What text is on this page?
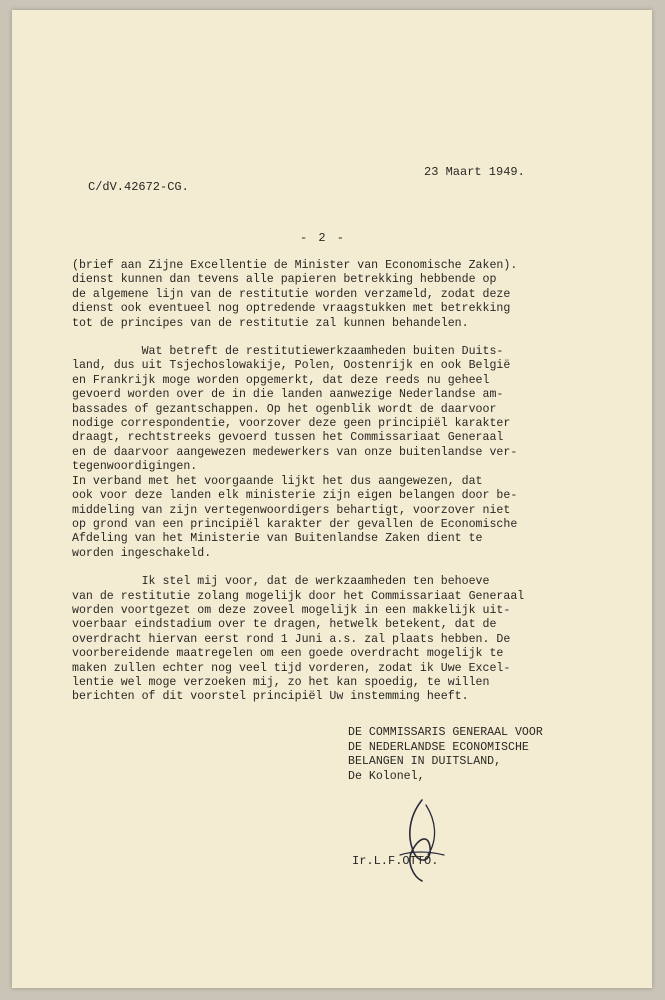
23 Maart 1949.
C/dV.42672-CG.
- 2 -
(brief aan Zijne Excellentie de Minister van Economische Zaken).
dienst kunnen dan tevens alle papieren betrekking hebbende op
de algemene lijn van de restitutie worden verzameld, zodat deze
dienst ook eventueel nog optredende vraagstukken met betrekking
tot de principes van de restitutie zal kunnen behandelen.
Wat betreft de restitutiewerkzaamheden buiten Duits-
land, dus uit Tsjechoslowakije, Polen, Oostenrijk en ook België
en Frankrijk moge worden opgemerkt, dat deze reeds nu geheel
gevoerd worden over de in die landen aanwezige Nederlandse am-
bassades of gezantschappen. Op het ogenblik wordt de daarvoor
nodige correspondentie, voorzover deze geen principiël karakter
draagt, rechtstreeks gevoerd tussen het Commissariaat Generaal
en de daarvoor aangewezen medewerkers van onze buitenlandse ver-
tegenwoordigingen.
In verband met het voorgaande lijkt het dus aangewezen, dat
ook voor deze landen elk ministerie zijn eigen belangen door be-
middeling van zijn vertegenwoordigers behartigt, voorzover niet
op grond van een principiël karakter der gevallen de Economische
Afdeling van het Ministerie van Buitenlandse Zaken dient te
worden ingeschakeld.
Ik stel mij voor, dat de werkzaamheden ten behoeve
van de restitutie zolang mogelijk door het Commissariaat Generaal
worden voortgezet om deze zoveel mogelijk in een makkelijk uit-
voerbaar eindstadium over te dragen, hetwelk betekent, dat de
overdracht hiervan eerst rond 1 Juni a.s. zal plaats hebben. De
voorbereidende maatregelen om een goede overdracht mogelijk te
maken zullen echter nog veel tijd vorderen, zodat ik Uwe Excel-
lentie wel moge verzoeken mij, zo het kan spoedig, te willen
berichten of dit voorstel principiël Uw instemming heeft.
DE COMMISSARIS GENERAAL VOOR
DE NEDERLANDSE ECONOMISCHE
BELANGEN IN DUITSLAND,
De Kolonel,
Ir.L.F.OTTO.
